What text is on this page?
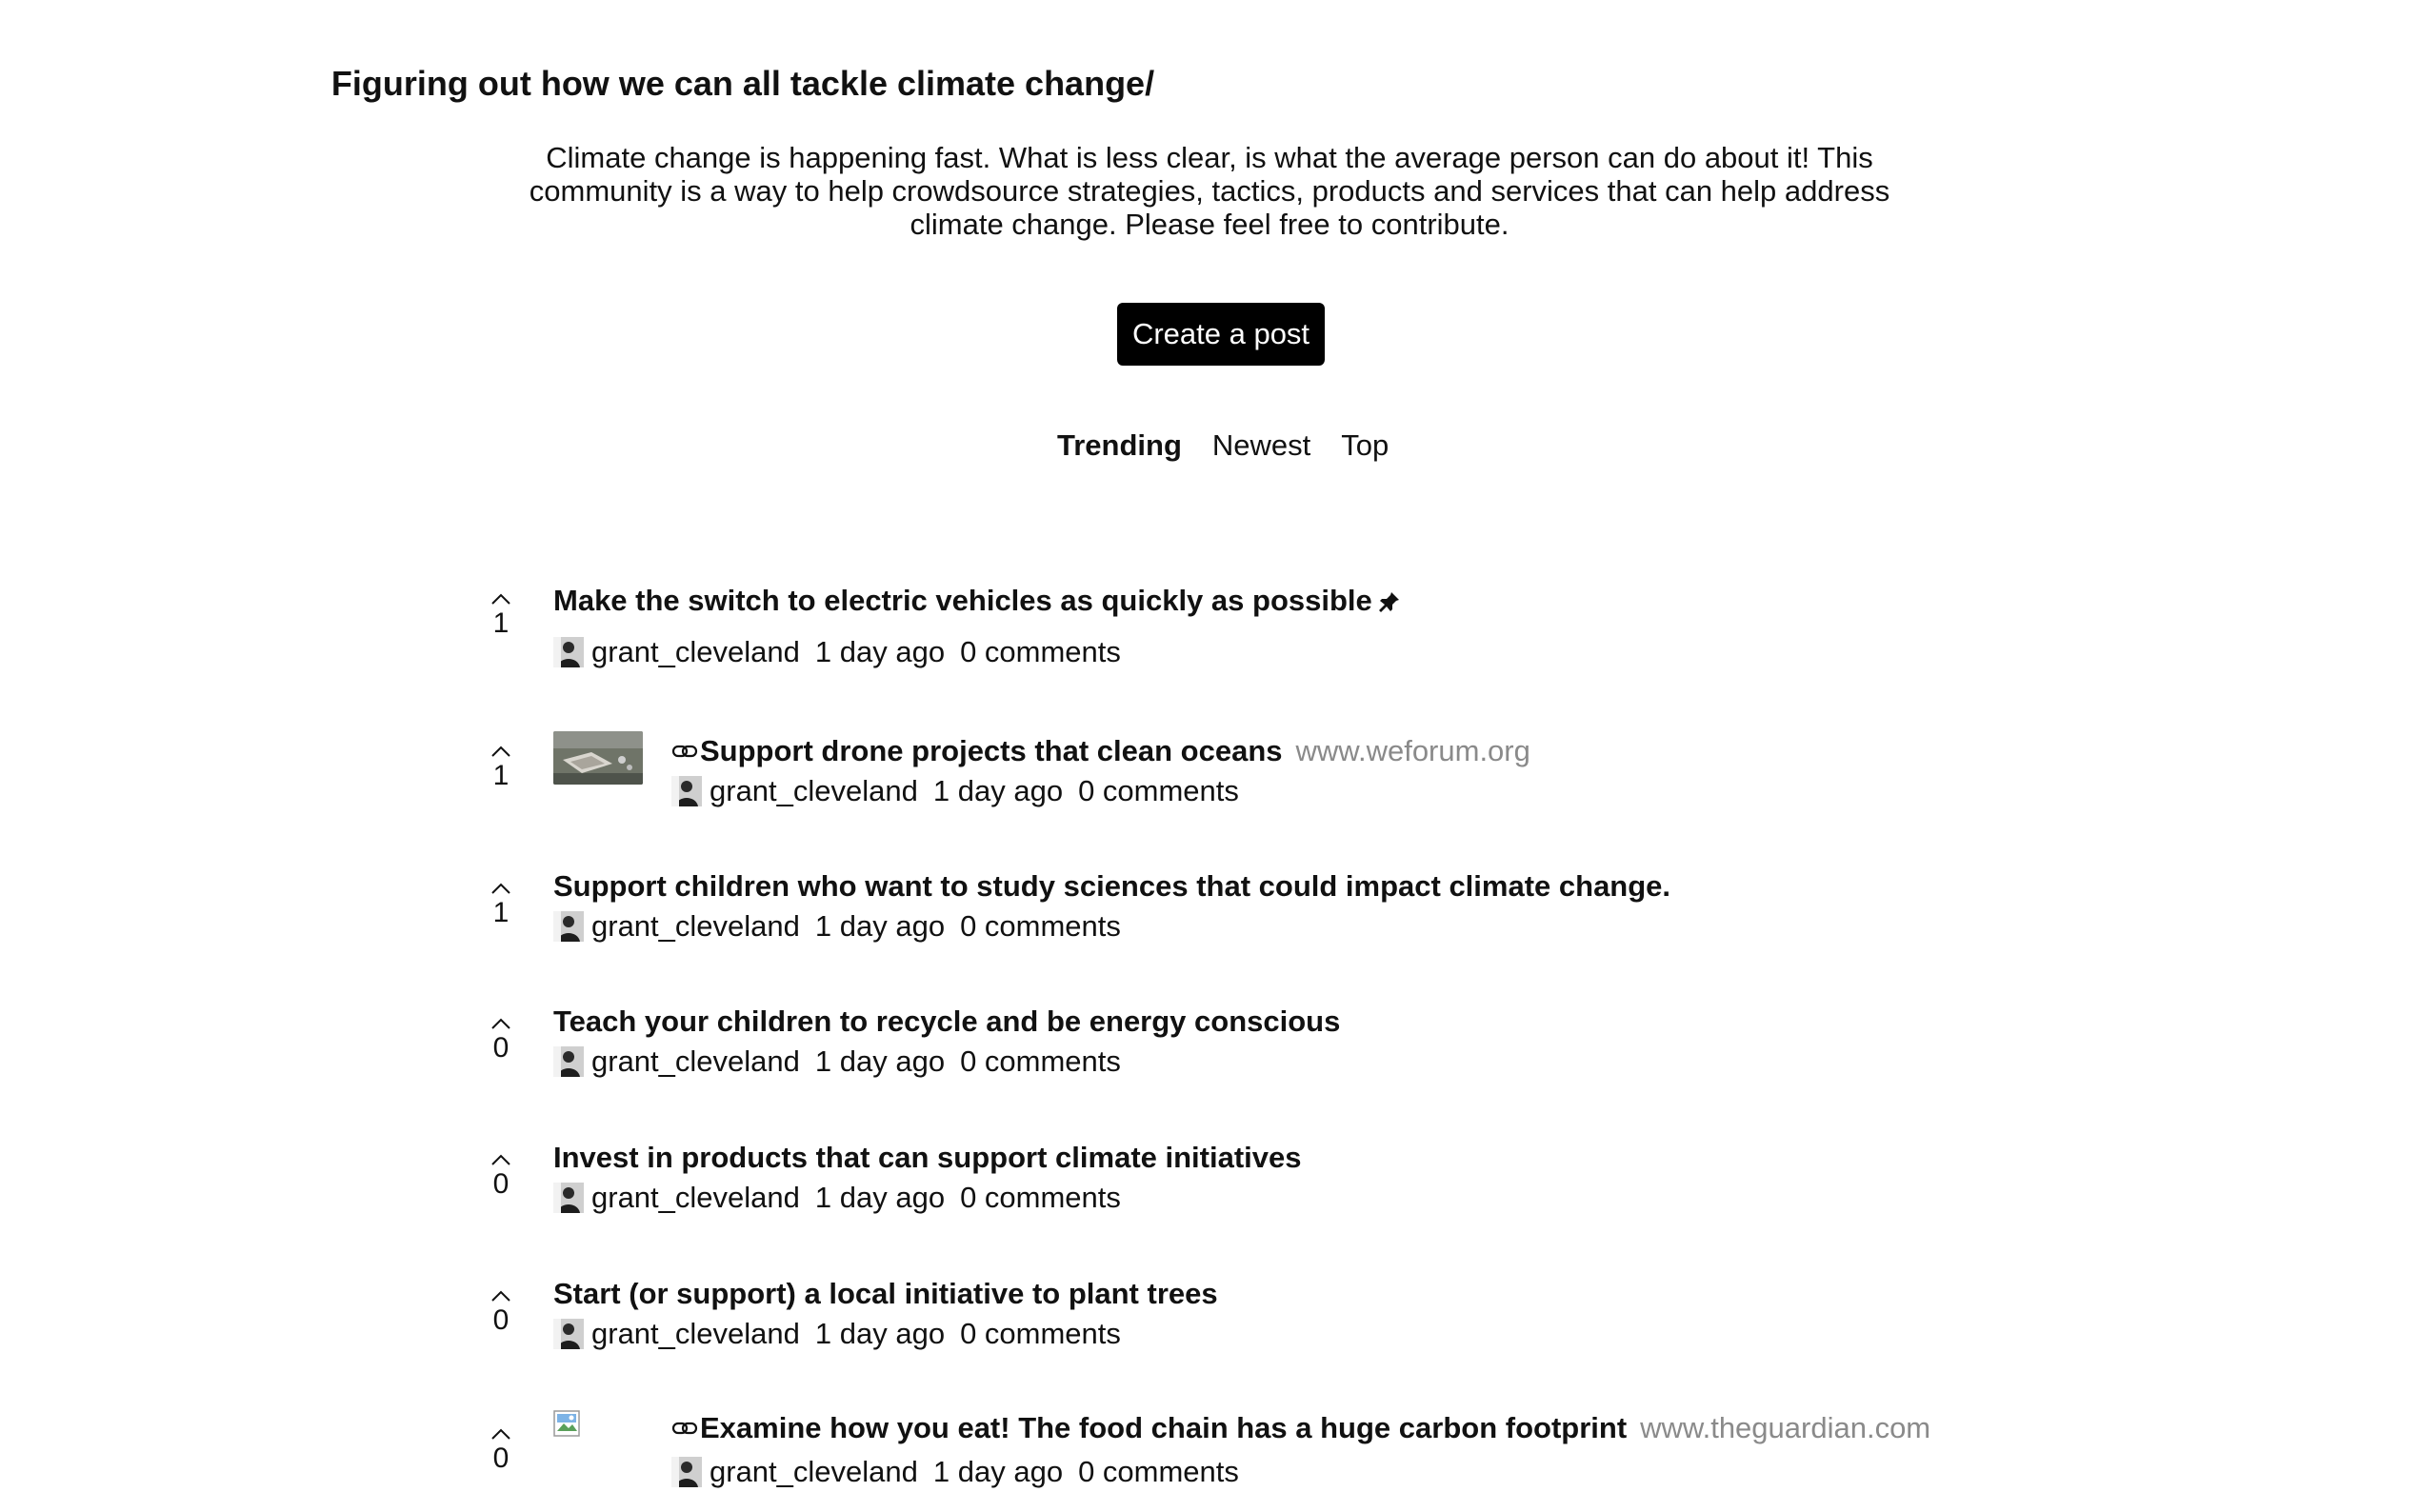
Figuring out how we can all tackle climate change/
Climate change is happening fast. What is less clear, is what the average person can do about it! This community is a way to help crowdsource strategies, tactics, products and services that can help address climate change. Please feel free to contribute.
Create a post
Trending Newest Top
1
Make the switch to electric vehicles as quickly as possible
grant_cleveland 1 day ago 0 comments
1
Support drone projects that clean oceans www.weforum.org
grant_cleveland 1 day ago 0 comments
1
Support children who want to study sciences that could impact climate change.
grant_cleveland 1 day ago 0 comments
0
Teach your children to recycle and be energy conscious
grant_cleveland 1 day ago 0 comments
0
Invest in products that can support climate initiatives
grant_cleveland 1 day ago 0 comments
0
Start (or support) a local initiative to plant trees
grant_cleveland 1 day ago 0 comments
0
Examine how you eat! The food chain has a huge carbon footprint www.theguardian.com
grant_cleveland 1 day ago 0 comments
